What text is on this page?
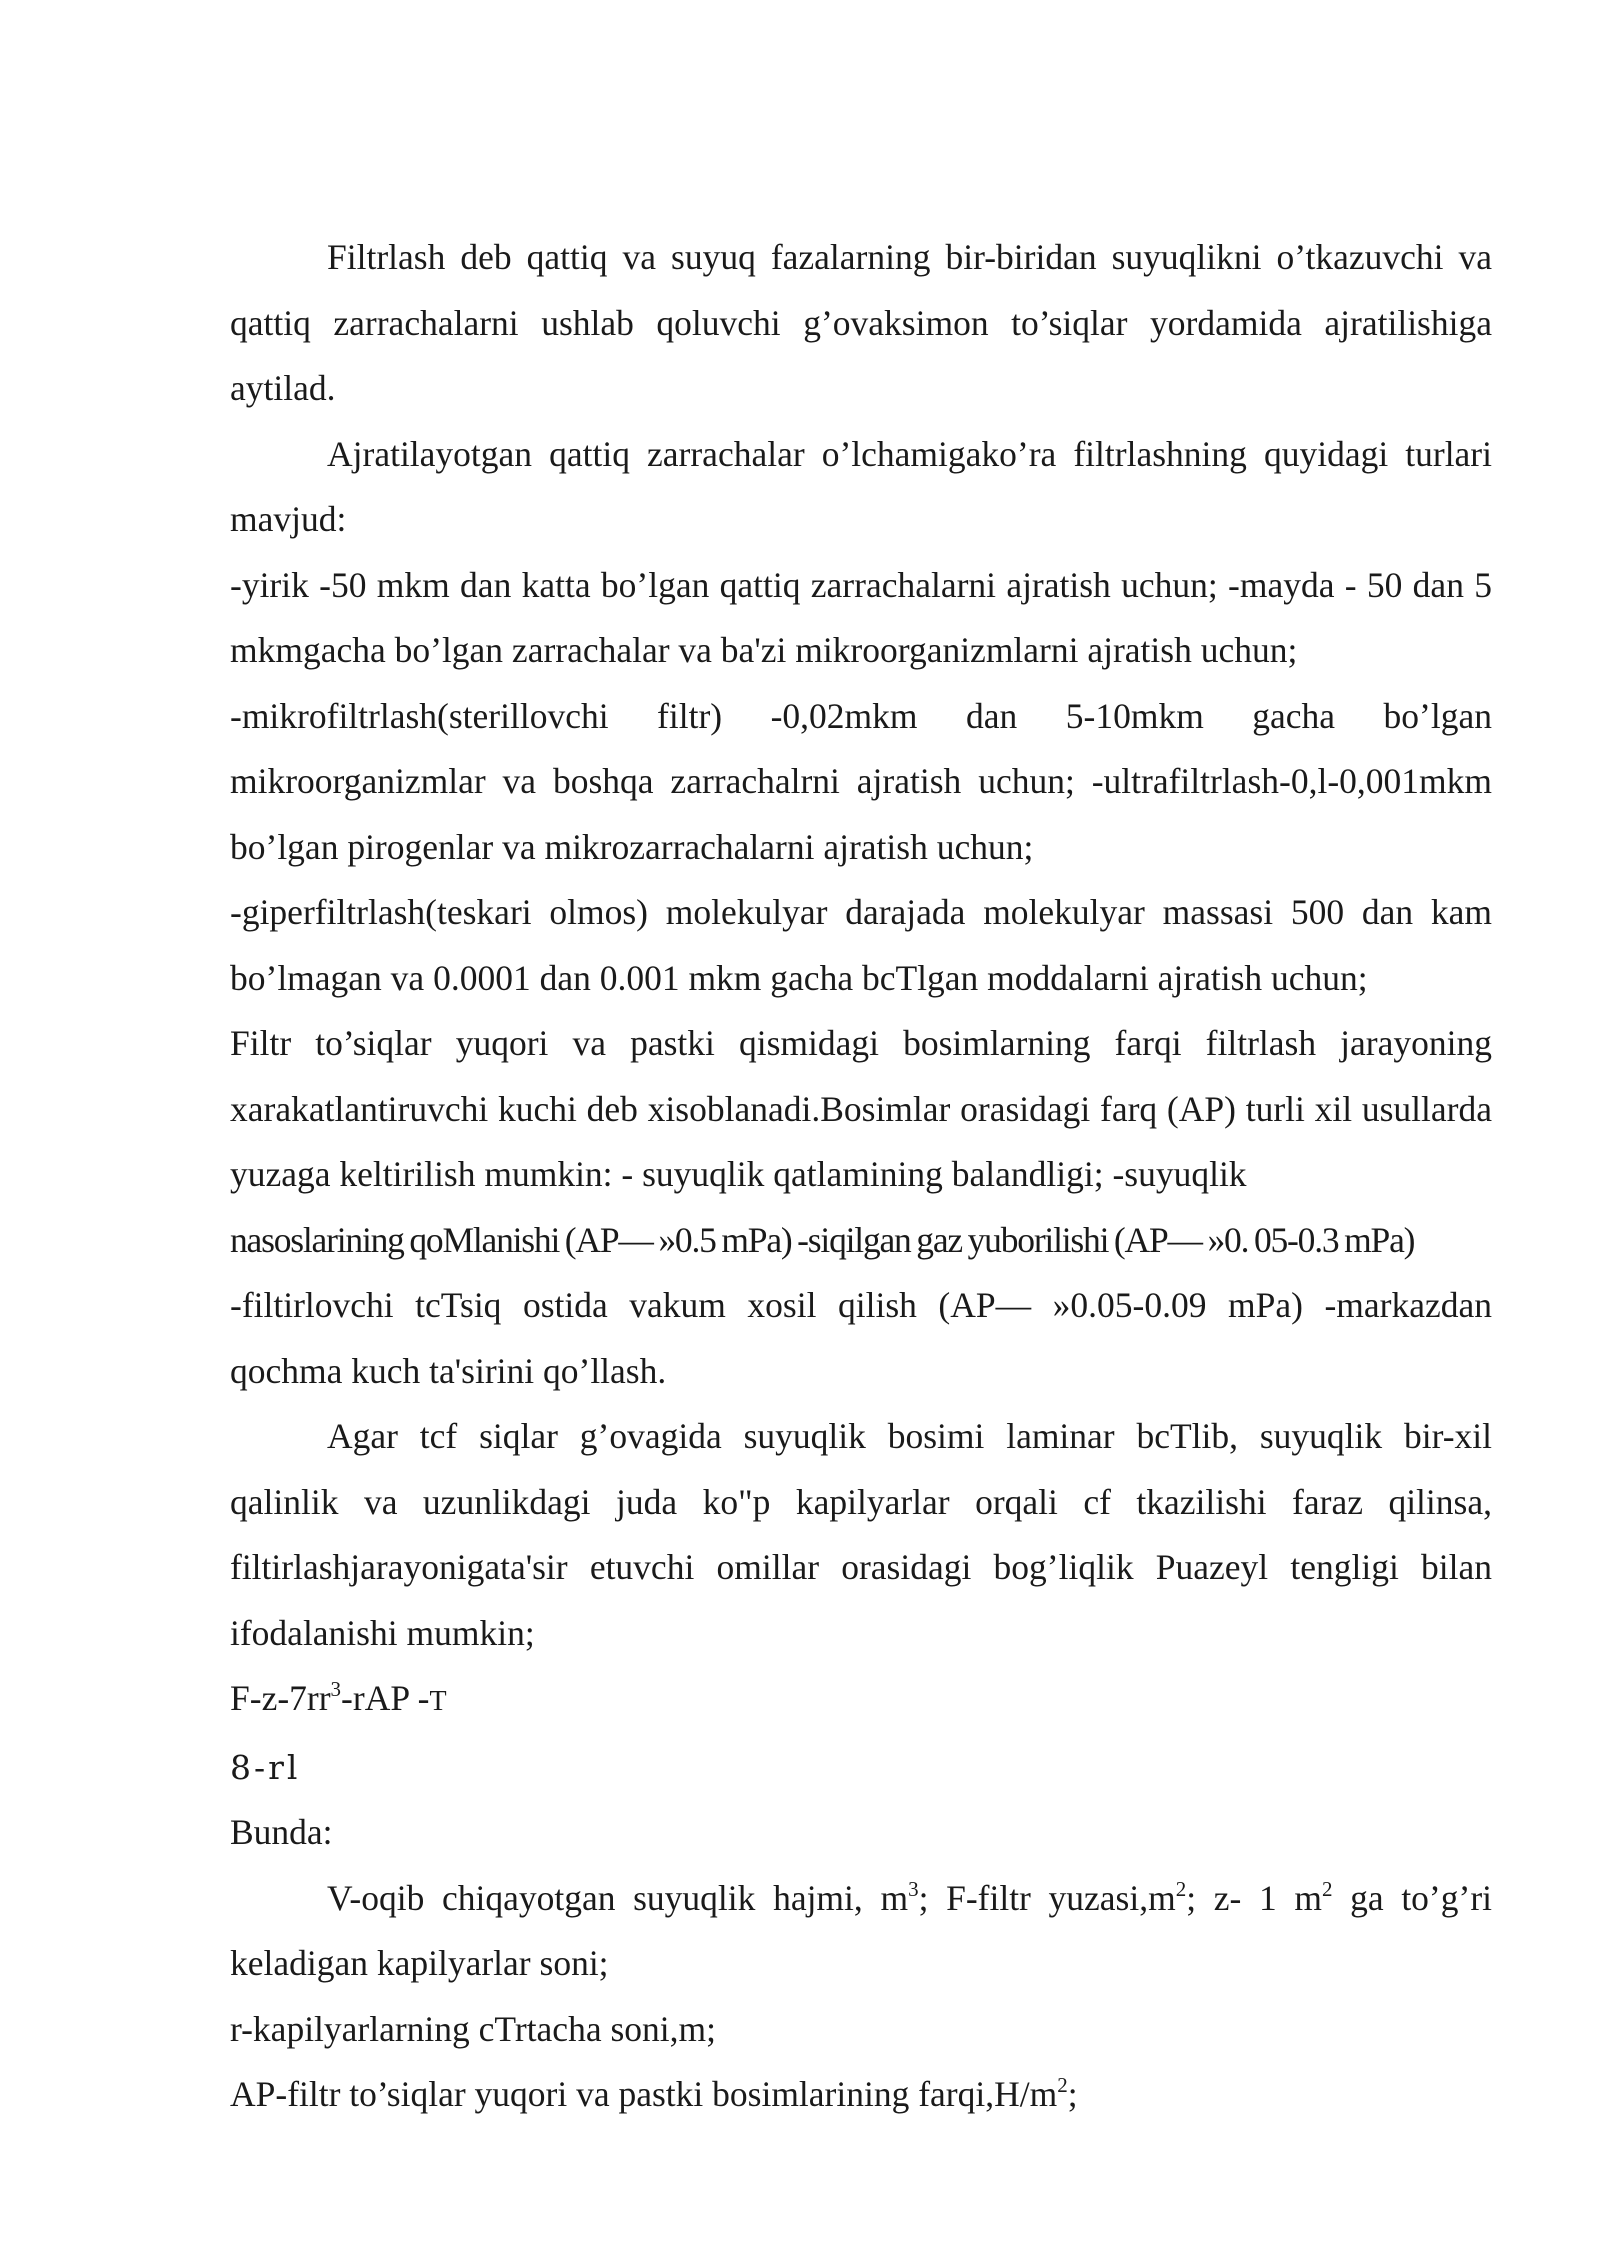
Filtrlash deb qattiq va suyuq fazalarning bir-biridan suyuqlikni o’tkazuvchi va qattiq zarrachalarni ushlab qoluvchi g’ovaksimon to’siqlar yordamida ajratilishiga aytilad.

Ajratilayotgan qattiq zarrachalar o’lchamigako’ra filtrlashning quyidagi turlari mavjud:

-yirik -50 mkm dan katta bo’lgan qattiq zarrachalarni ajratish uchun; -mayda - 50 dan 5 mkmgacha bo’lgan zarrachalar va ba'zi mikroorganizmlarni ajratish uchun;

-mikrofiltrlash(sterillovchi filtr) -0,02mkm dan 5-10mkm gacha bo’lgan mikroorganizmlar va boshqa zarrachalrni ajratish uchun; -ultrafiltrlash-0,l-0,001mkm bo’lgan pirogenlar va mikrozarrachalarni ajratish uchun;

-giperfiltrlash(teskari olmos) molekulyar darajada molekulyar massasi 500 dan kam bo’lmagan va 0.0001 dan 0.001 mkm gacha bcTlgan moddalarni ajratish uchun;

Filtr to’siqlar yuqori va pastki qismidagi bosimlarning farqi filtrlash jarayoning xarakatlantiruvchi kuchi deb xisoblanadi.Bosimlar orasidagi farq (AP) turli xil usullarda yuzaga keltirilish mumkin: - suyuqlik qatlamining balandligi; -suyuqlik

nasoslarining qoMlanishi (AP— »0.5 mPa) -siqilgan gaz yuborilishi (AP— »0. 05-0.3 mPa)

-filtirlovchi tcTsiq ostida vakum xosil qilish (AP— »0.05-0.09 mPa) -markazdan qochma kuch ta'sirini qo’llash.

Agar tcf siqlar g’ovagida suyuqlik bosimi laminar bcTlib, suyuqlik bir-xil qalinlik va uzunlikdagi juda ko"p kapilyarlar orqali cf tkazilishi faraz qilinsa, filtirlashjarayonigata'sir etuvchi omillar orasidagi bog’liqlik Puazeyl tengligi bilan ifodalanishi mumkin;

$F-z-7rr^3$-rAP -T

8-rl

Bunda:

V-oqib chiqayotgan suyuqlik hajmi, $m^3$; F-filtr $yuzasi,m^2$; z- 1 $m^2$ ga to’g’ri keladigan kapilyarlar soni;

r-kapilyarlarning cTrtacha soni,m;

AP-filtr to’siqlar yuqori va pastki bosimlarining $farqi,H/m^2$;
